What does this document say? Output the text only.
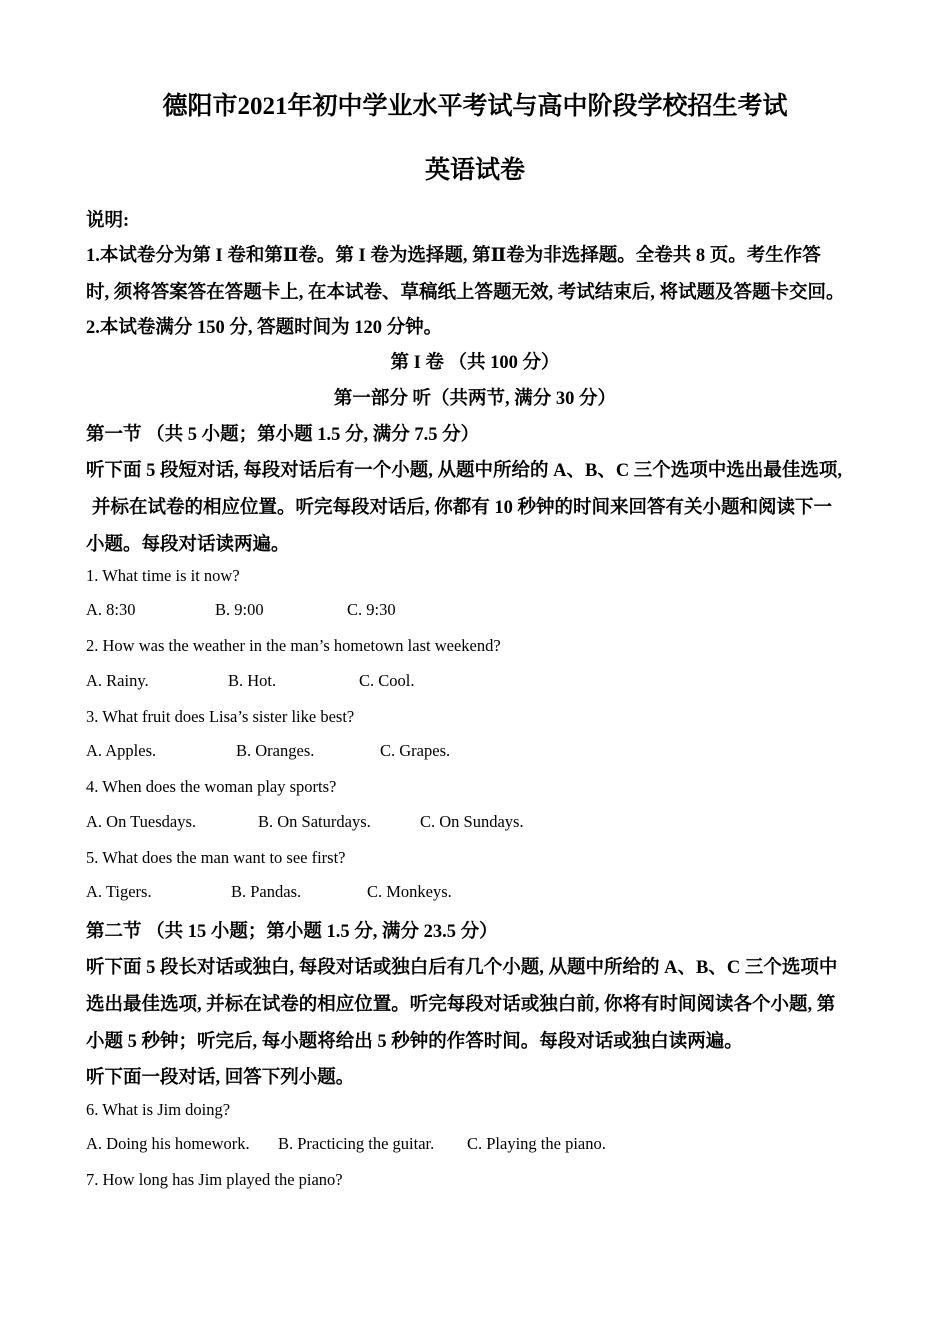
德阳市2021年初中学业水平考试与高中阶段学校招生考试
英语试卷
说明:
1.本试卷分为第 I 卷和第Ⅱ卷。第 I 卷为选择题, 第Ⅱ卷为非选择题。全卷共 8 页。考生作答
时, 须将答案答在答题卡上, 在本试卷、草稿纸上答题无效, 考试结束后, 将试题及答题卡交回。
2.本试卷满分 150 分, 答题时间为 120 分钟。
第 I 卷 （共 100 分）
第一部分 听（共两节, 满分 30 分）
第一节 （共 5 小题；第小题 1.5 分, 满分 7.5 分）
听下面 5 段短对话, 每段对话后有一个小题, 从题中所给的 A、B、C 三个选项中选出最佳选项,
并标在试卷的相应位置。听完每段对话后, 你都有 10 秒钟的时间来回答有关小题和阅读下一
小题。每段对话读两遍。
1. What time is it now?
A. 8:30	B. 9:00	C. 9:30
2. How was the weather in the man’s hometown last weekend?
A. Rainy.	B. Hot.	C. Cool.
3. What fruit does Lisa’s sister like best?
A. Apples.	B. Oranges.	C. Grapes.
4. When does the woman play sports?
A. On Tuesdays.	B. On Saturdays.	C. On Sundays.
5. What does the man want to see first?
A. Tigers.	B. Pandas.	C. Monkeys.
第二节 （共 15 小题；第小题 1.5 分, 满分 23.5 分）
听下面 5 段长对话或独白, 每段对话或独白后有几个小题, 从题中所给的 A、B、C 三个选项中
选出最佳选项, 并标在试卷的相应位置。听完每段对话或独白前, 你将有时间阅读各个小题, 第
小题 5 秒钟；听完后, 每小题将给出 5 秒钟的作答时间。每段对话或独白读两遍。
听下面一段对话, 回答下列小题。
6. What is Jim doing?
A. Doing his homework. B. Practicing the guitar. C. Playing the piano.
7. How long has Jim played the piano?
